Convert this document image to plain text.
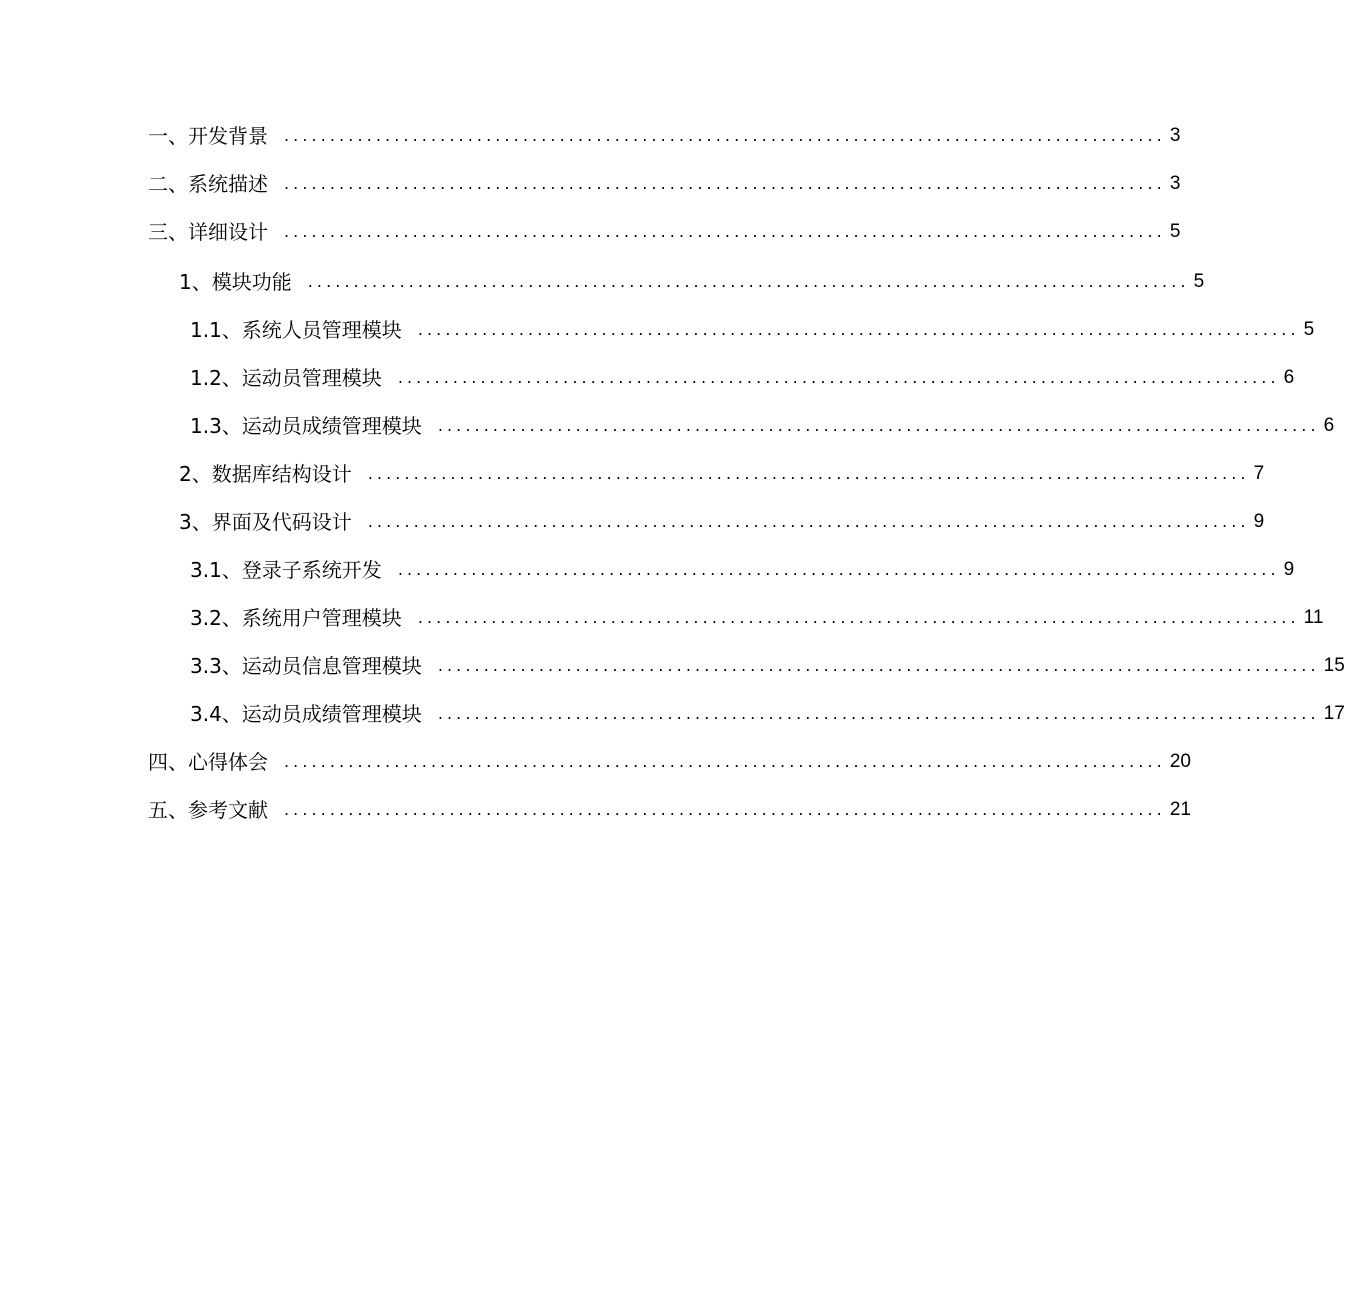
一、开发背景 ................................................................................................ 3
二、系统描述 ................................................................................................ 3
三、详细设计 ................................................................................................ 5
1、模块功能 ................................................................................................ 5
1.1、系统人员管理模块 ................................................................................................ 5
1.2、运动员管理模块 ................................................................................................ 6
1.3、运动员成绩管理模块 ................................................................................................ 6
2、数据库结构设计 ................................................................................................ 7
3、界面及代码设计 ................................................................................................ 9
3.1、登录子系统开发 ................................................................................................ 9
3.2、系统用户管理模块 ................................................................................................ 11
3.3、运动员信息管理模块 ................................................................................................ 15
3.4、运动员成绩管理模块 ................................................................................................ 17
四、心得体会 ................................................................................................ 20
五、参考文献 ................................................................................................ 21
